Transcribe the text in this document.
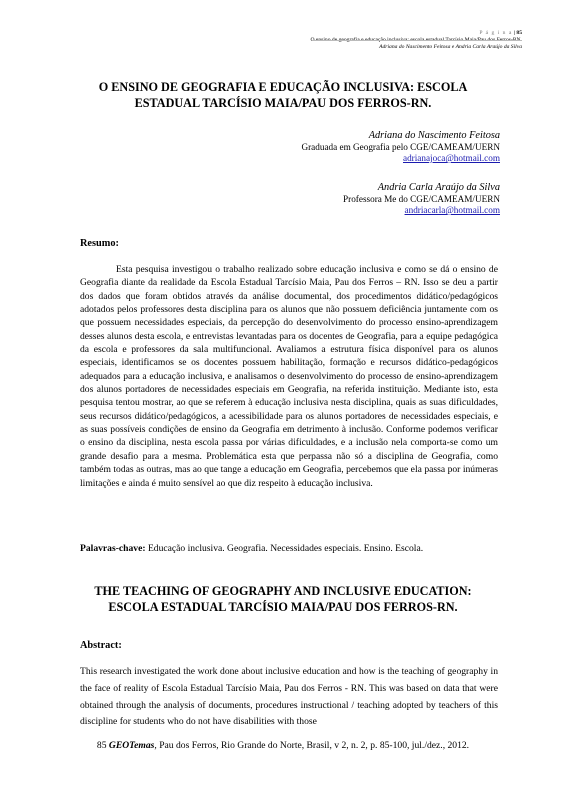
P á g i n a | 85
O ensino de geografia e educação inclusiva: escola estadual Tarcísio Maia/Pau dos Ferros-RN.
Adriana do Nascimento Feitosa e Andria Carla Araújo da Silva
O ENSINO DE GEOGRAFIA E EDUCAÇÃO INCLUSIVA: ESCOLA ESTADUAL TARCÍSIO MAIA/PAU DOS FERROS-RN.
Adriana do Nascimento Feitosa
Graduada em Geografia pelo CGE/CAMEAM/UERN
adrianajoca@hotmail.com
Andria Carla Araújo da Silva
Professora Me do CGE/CAMEAM/UERN
andriacarla@hotmail.com
Resumo:

Esta pesquisa investigou o trabalho realizado sobre educação inclusiva e como se dá o ensino de Geografia diante da realidade da Escola Estadual Tarcísio Maia, Pau dos Ferros – RN. Isso se deu a partir dos dados que foram obtidos através da análise documental, dos procedimentos didático/pedagógicos adotados pelos professores desta disciplina para os alunos que não possuem deficiência juntamente com os que possuem necessidades especiais, da percepção do desenvolvimento do processo ensino-aprendizagem desses alunos desta escola, e entrevistas levantadas para os docentes de Geografia, para a equipe pedagógica da escola e professores da sala multifuncional. Avaliamos a estrutura física disponível para os alunos especiais, identificamos se os docentes possuem habilitação, formação e recursos didático-pedagógicos adequados para a educação inclusiva, e analisamos o desenvolvimento do processo de ensino-aprendizagem dos alunos portadores de necessidades especiais em Geografia, na referida instituição. Mediante isto, esta pesquisa tentou mostrar, ao que se referem à educação inclusiva nesta disciplina, quais as suas dificuldades, seus recursos didático/pedagógicos, a acessibilidade para os alunos portadores de necessidades especiais, e as suas possíveis condições de ensino da Geografia em detrimento à inclusão. Conforme podemos verificar o ensino da disciplina, nesta escola passa por várias dificuldades, e a inclusão nela comporta-se como um grande desafio para a mesma. Problemática esta que perpassa não só a disciplina de Geografia, como também todas as outras, mas ao que tange a educação em Geografia, percebemos que ela passa por inúmeras limitações e ainda é muito sensível ao que diz respeito à educação inclusiva.

Palavras-chave: Educação inclusiva. Geografia. Necessidades especiais. Ensino. Escola.
THE TEACHING OF GEOGRAPHY AND INCLUSIVE EDUCATION: ESCOLA ESTADUAL TARCÍSIO MAIA/PAU DOS FERROS-RN.
Abstract:

This research investigated the work done about inclusive education and how is the teaching of geography in the face of reality of Escola Estadual Tarcísio Maia, Pau dos Ferros - RN. This was based on data that were obtained through the analysis of documents, procedures instructional / teaching adopted by teachers of this discipline for students who do not have disabilities with those

85 GEOTemas, Pau dos Ferros, Rio Grande do Norte, Brasil, v 2, n. 2, p. 85-100, jul./dez., 2012.
